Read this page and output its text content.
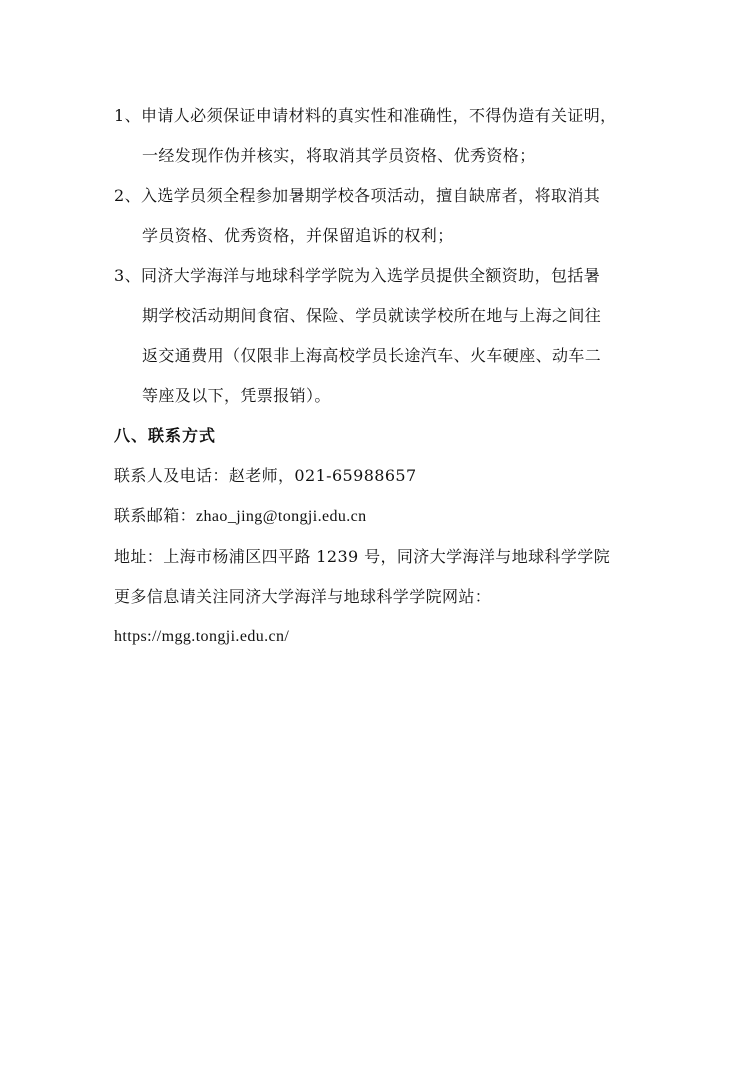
1、申请人必须保证申请材料的真实性和准确性，不得伪造有关证明，
一经发现作伪并核实，将取消其学员资格、优秀资格；
2、入选学员须全程参加暑期学校各项活动，擅自缺席者，将取消其
学员资格、优秀资格，并保留追诉的权利；
3、同济大学海洋与地球科学学院为入选学员提供全额资助，包括暑
期学校活动期间食宿、保险、学员就读学校所在地与上海之间往
返交通费用（仅限非上海高校学员长途汽车、火车硬座、动车二
等座及以下，凭票报销）。
八、联系方式
联系人及电话：赵老师，021-65988657
联系邮箱：zhao_jing@tongji.edu.cn
地址：上海市杨浦区四平路 1239 号，同济大学海洋与地球科学学院
更多信息请关注同济大学海洋与地球科学学院网站：
https://mgg.tongji.edu.cn/
